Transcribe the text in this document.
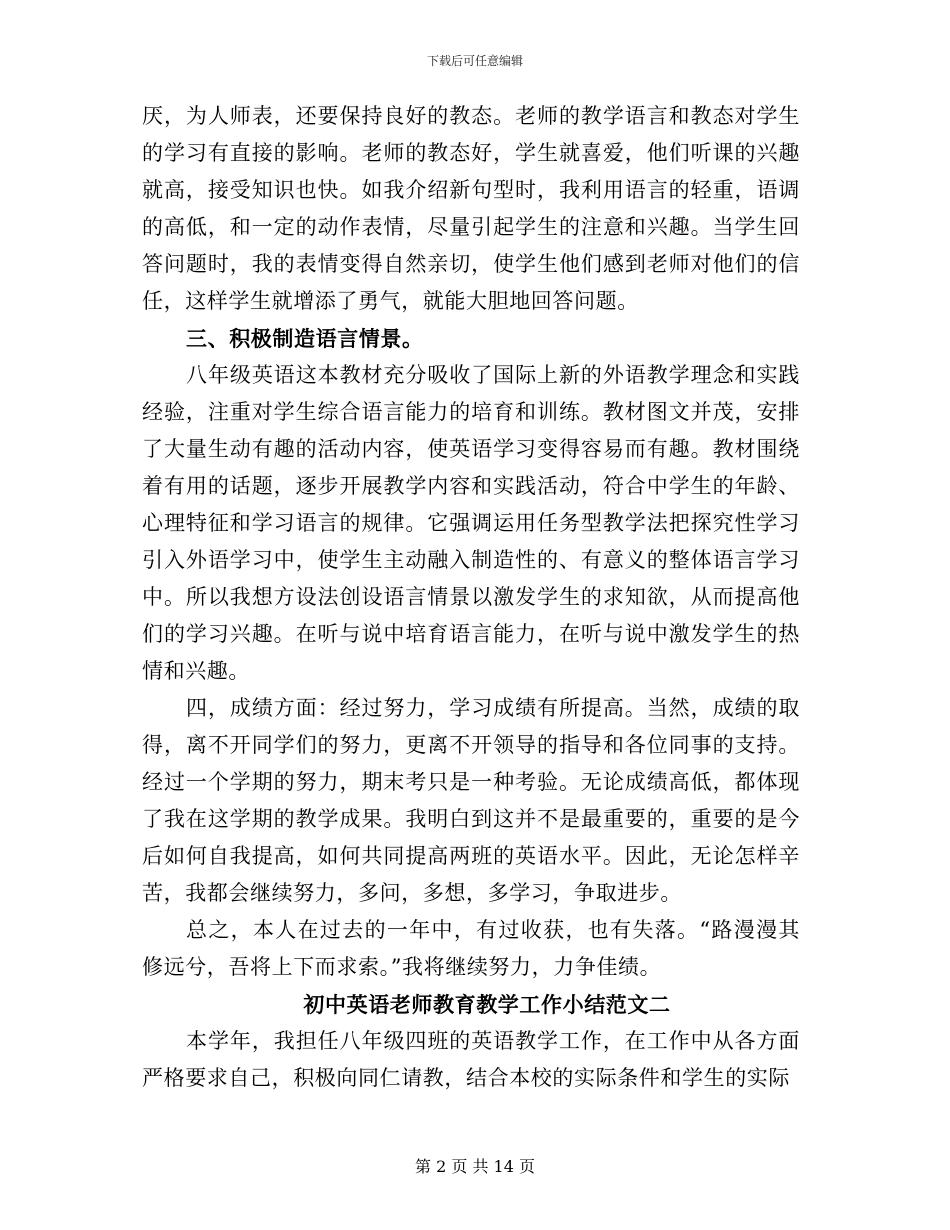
下载后可任意编辑

厌，为人师表，还要保持良好的教态。老师的教学语言和教态对学生的学习有直接的影响。老师的教态好，学生就喜爱，他们听课的兴趣就高，接受知识也快。如我介绍新句型时，我利用语言的轻重，语调的高低，和一定的动作表情，尽量引起学生的注意和兴趣。当学生回答问题时，我的表情变得自然亲切，使学生他们感到老师对他们的信任，这样学生就增添了勇气，就能大胆地回答问题。

三、积极制造语言情景。

八年级英语这本教材充分吸收了国际上新的外语教学理念和实践经验，注重对学生综合语言能力的培育和训练。教材图文并茂，安排了大量生动有趣的活动内容，使英语学习变得容易而有趣。教材围绕着有用的话题，逐步开展教学内容和实践活动，符合中学生的年龄、心理特征和学习语言的规律。它强调运用任务型教学法把探究性学习引入外语学习中，使学生主动融入制造性的、有意义的整体语言学习中。所以我想方设法创设语言情景以激发学生的求知欲，从而提高他们的学习兴趣。在听与说中培育语言能力，在听与说中激发学生的热情和兴趣。

四，成绩方面：经过努力，学习成绩有所提高。当然，成绩的取得，离不开同学们的努力，更离不开领导的指导和各位同事的支持。经过一个学期的努力，期末考只是一种考验。无论成绩高低，都体现了我在这学期的教学成果。我明白到这并不是最重要的，重要的是今后如何自我提高，如何共同提高两班的英语水平。因此，无论怎样辛苦，我都会继续努力，多问，多想，多学习，争取进步。

总之，本人在过去的一年中，有过收获，也有失落。“路漫漫其修远兮，吾将上下而求索。”我将继续努力，力争佳绩。

初中英语老师教育教学工作小结范文二

本学年，我担任八年级四班的英语教学工作，在工作中从各方面严格要求自己，积极向同仁请教，结合本校的实际条件和学生的实际

第 2 页 共 14 页
